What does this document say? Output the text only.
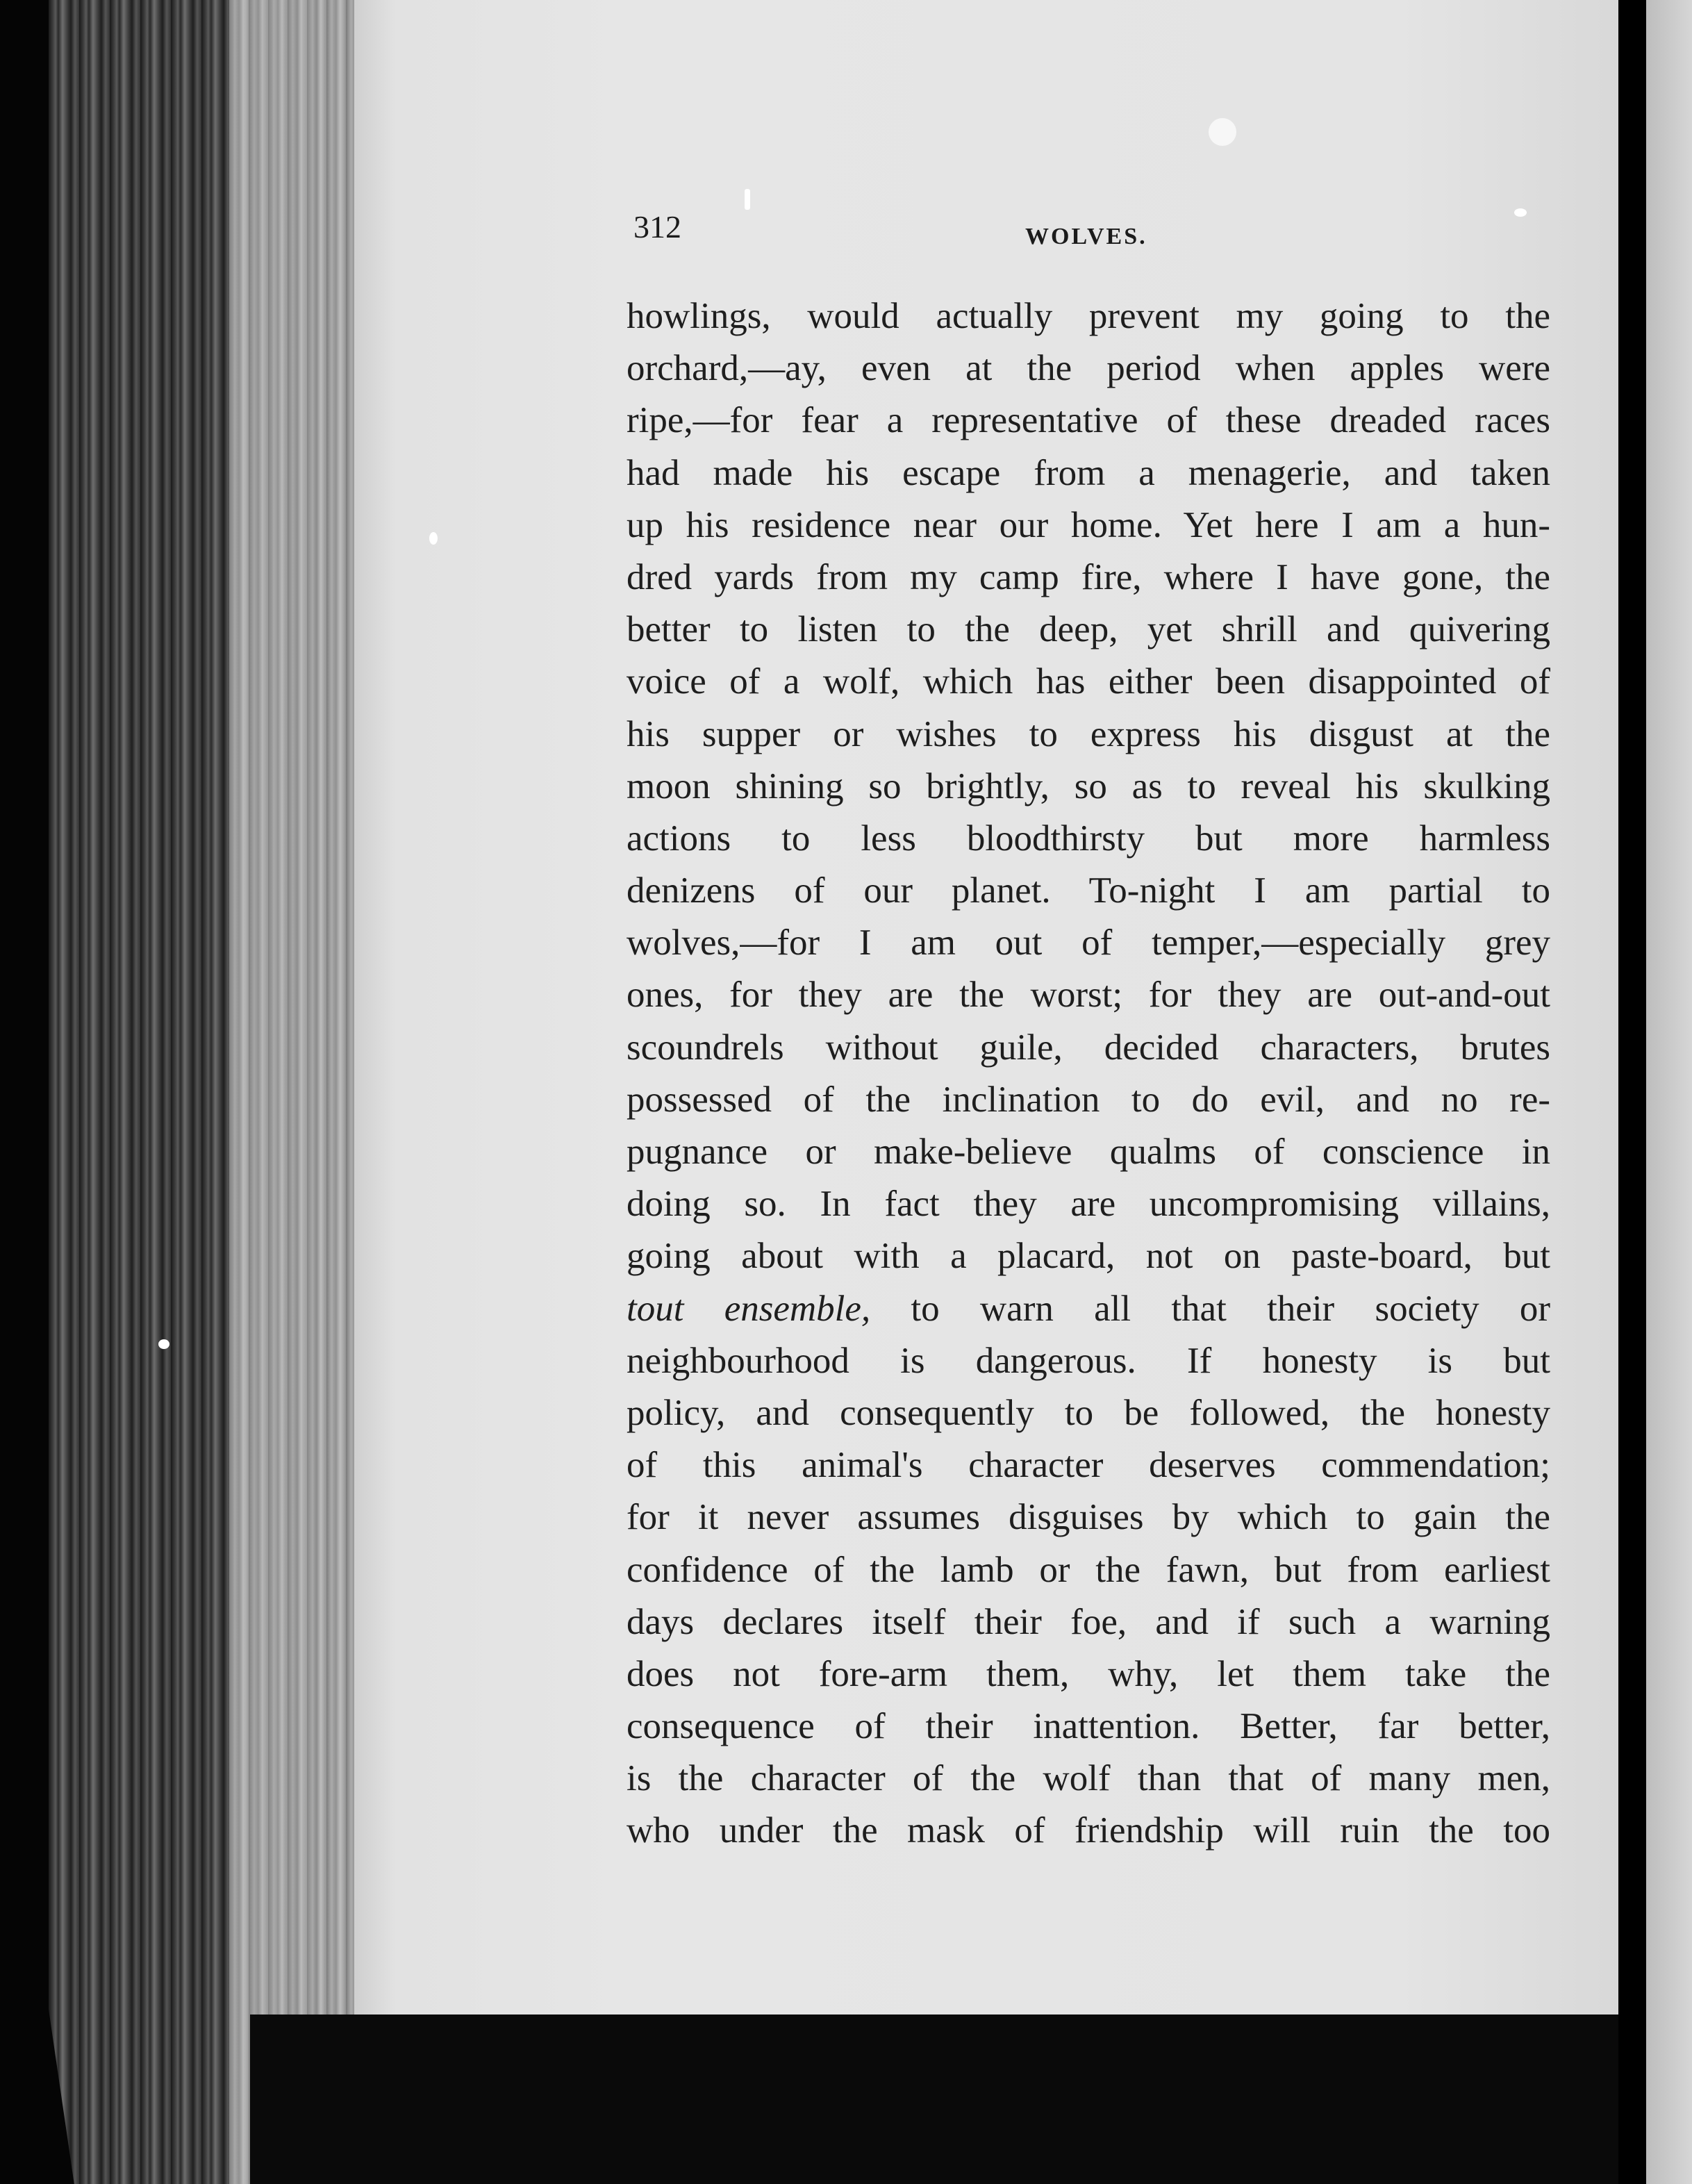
312	WOLVES.
howlings, would actually prevent my going to the
orchard,—ay, even at the period when apples were
ripe,—for fear a representative of these dreaded races
had made his escape from a menagerie, and taken
up his residence near our home. Yet here I am a hun-
dred yards from my camp fire, where I have gone, the
better to listen to the deep, yet shrill and quivering
voice of a wolf, which has either been disappointed of
his supper or wishes to express his disgust at the
moon shining so brightly, so as to reveal his skulking
actions to less bloodthirsty but more harmless
denizens of our planet. To-night I am partial to
wolves,—for I am out of temper,—especially grey
ones, for they are the worst; for they are out-and-out
scoundrels without guile, decided characters, brutes
possessed of the inclination to do evil, and no re-
pugnance or make-believe qualms of conscience in
doing so. In fact they are uncompromising villains,
going about with a placard, not on paste-board, but
tout ensemble, to warn all that their society or
neighbourhood is dangerous. If honesty is but
policy, and consequently to be followed, the honesty
of this animal's character deserves commendation;
for it never assumes disguises by which to gain the
confidence of the lamb or the fawn, but from earliest
days declares itself their foe, and if such a warning
does not fore-arm them, why, let them take the
consequence of their inattention. Better, far better,
is the character of the wolf than that of many men,
who under the mask of friendship will ruin the too
